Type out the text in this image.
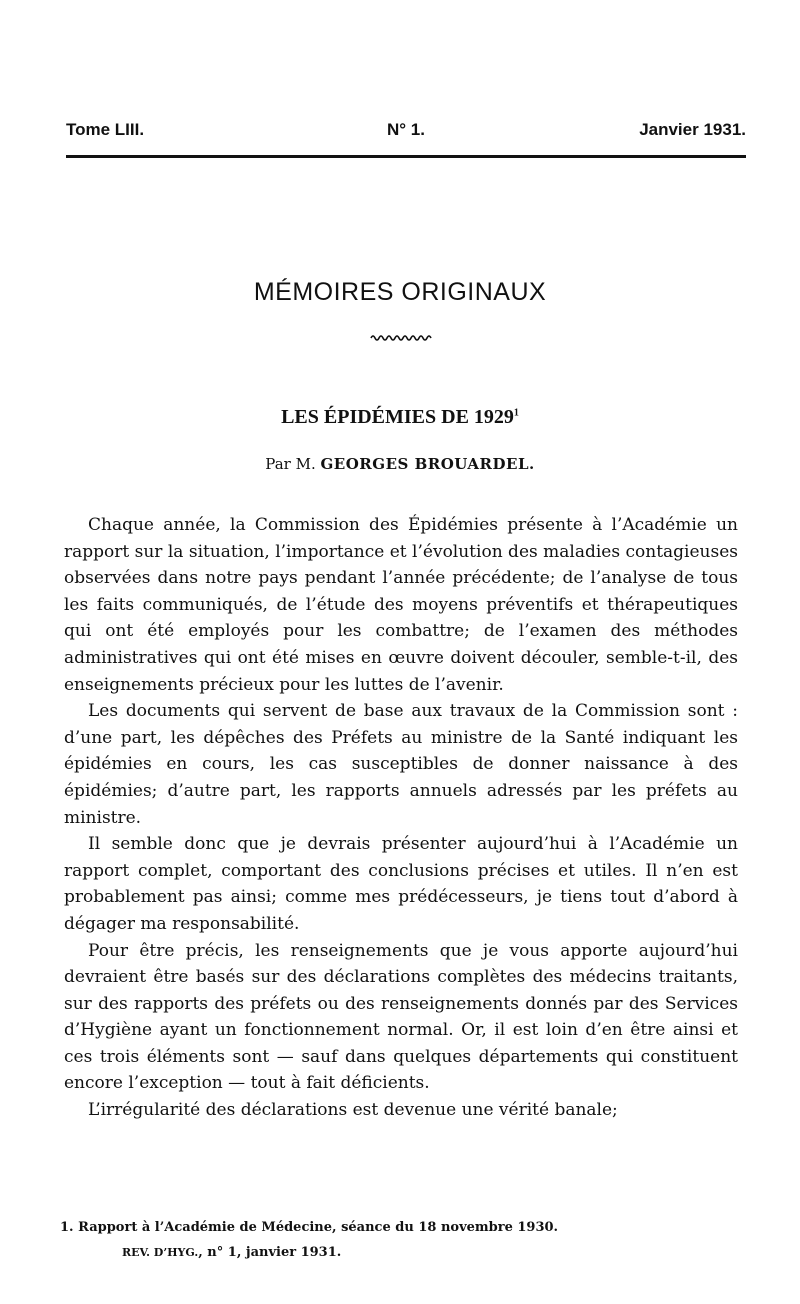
Tome LIII.	N° 1.	Janvier 1931.
MÉMOIRES ORIGINAUX
LES ÉPIDÉMIES DE 1929$^1$
Par M. GEORGES BROUARDEL.

Chaque année, la Commission des Épidémies présente à l’Académie un rapport sur la situation, l’importance et l’évolution des maladies contagieuses observées dans notre pays pendant l’année précédente; de l’analyse de tous les faits communiqués, de l’étude des moyens préventifs et thérapeutiques qui ont été employés pour les combattre; de l’examen des méthodes administratives qui ont été mises en œuvre doivent découler, semble-t-il, des enseignements précieux pour les luttes de l’avenir.

Les documents qui servent de base aux travaux de la Commission sont : d’une part, les dépêches des Préfets au ministre de la Santé indiquant les épidémies en cours, les cas susceptibles de donner naissance à des épidémies; d’autre part, les rapports annuels adressés par les préfets au ministre.

Il semble donc que je devrais présenter aujourd’hui à l’Académie un rapport complet, comportant des conclusions précises et utiles. Il n’en est probablement pas ainsi; comme mes prédécesseurs, je tiens tout d’abord à dégager ma responsabilité.

Pour être précis, les renseignements que je vous apporte aujourd’hui devraient être basés sur des déclarations complètes des médecins traitants, sur des rapports des préfets ou des renseignements donnés par des Services d’Hygiène ayant un fonctionnement normal. Or, il est loin d’en être ainsi et ces trois éléments sont — sauf dans quelques départements qui constituent encore l’exception — tout à fait déficients.

L’irrégularité des déclarations est devenue une vérité banale;

1. Rapport à l’Académie de Médecine, séance du 18 novembre 1930.
REV. D’HYG., n° 1, janvier 1931.
